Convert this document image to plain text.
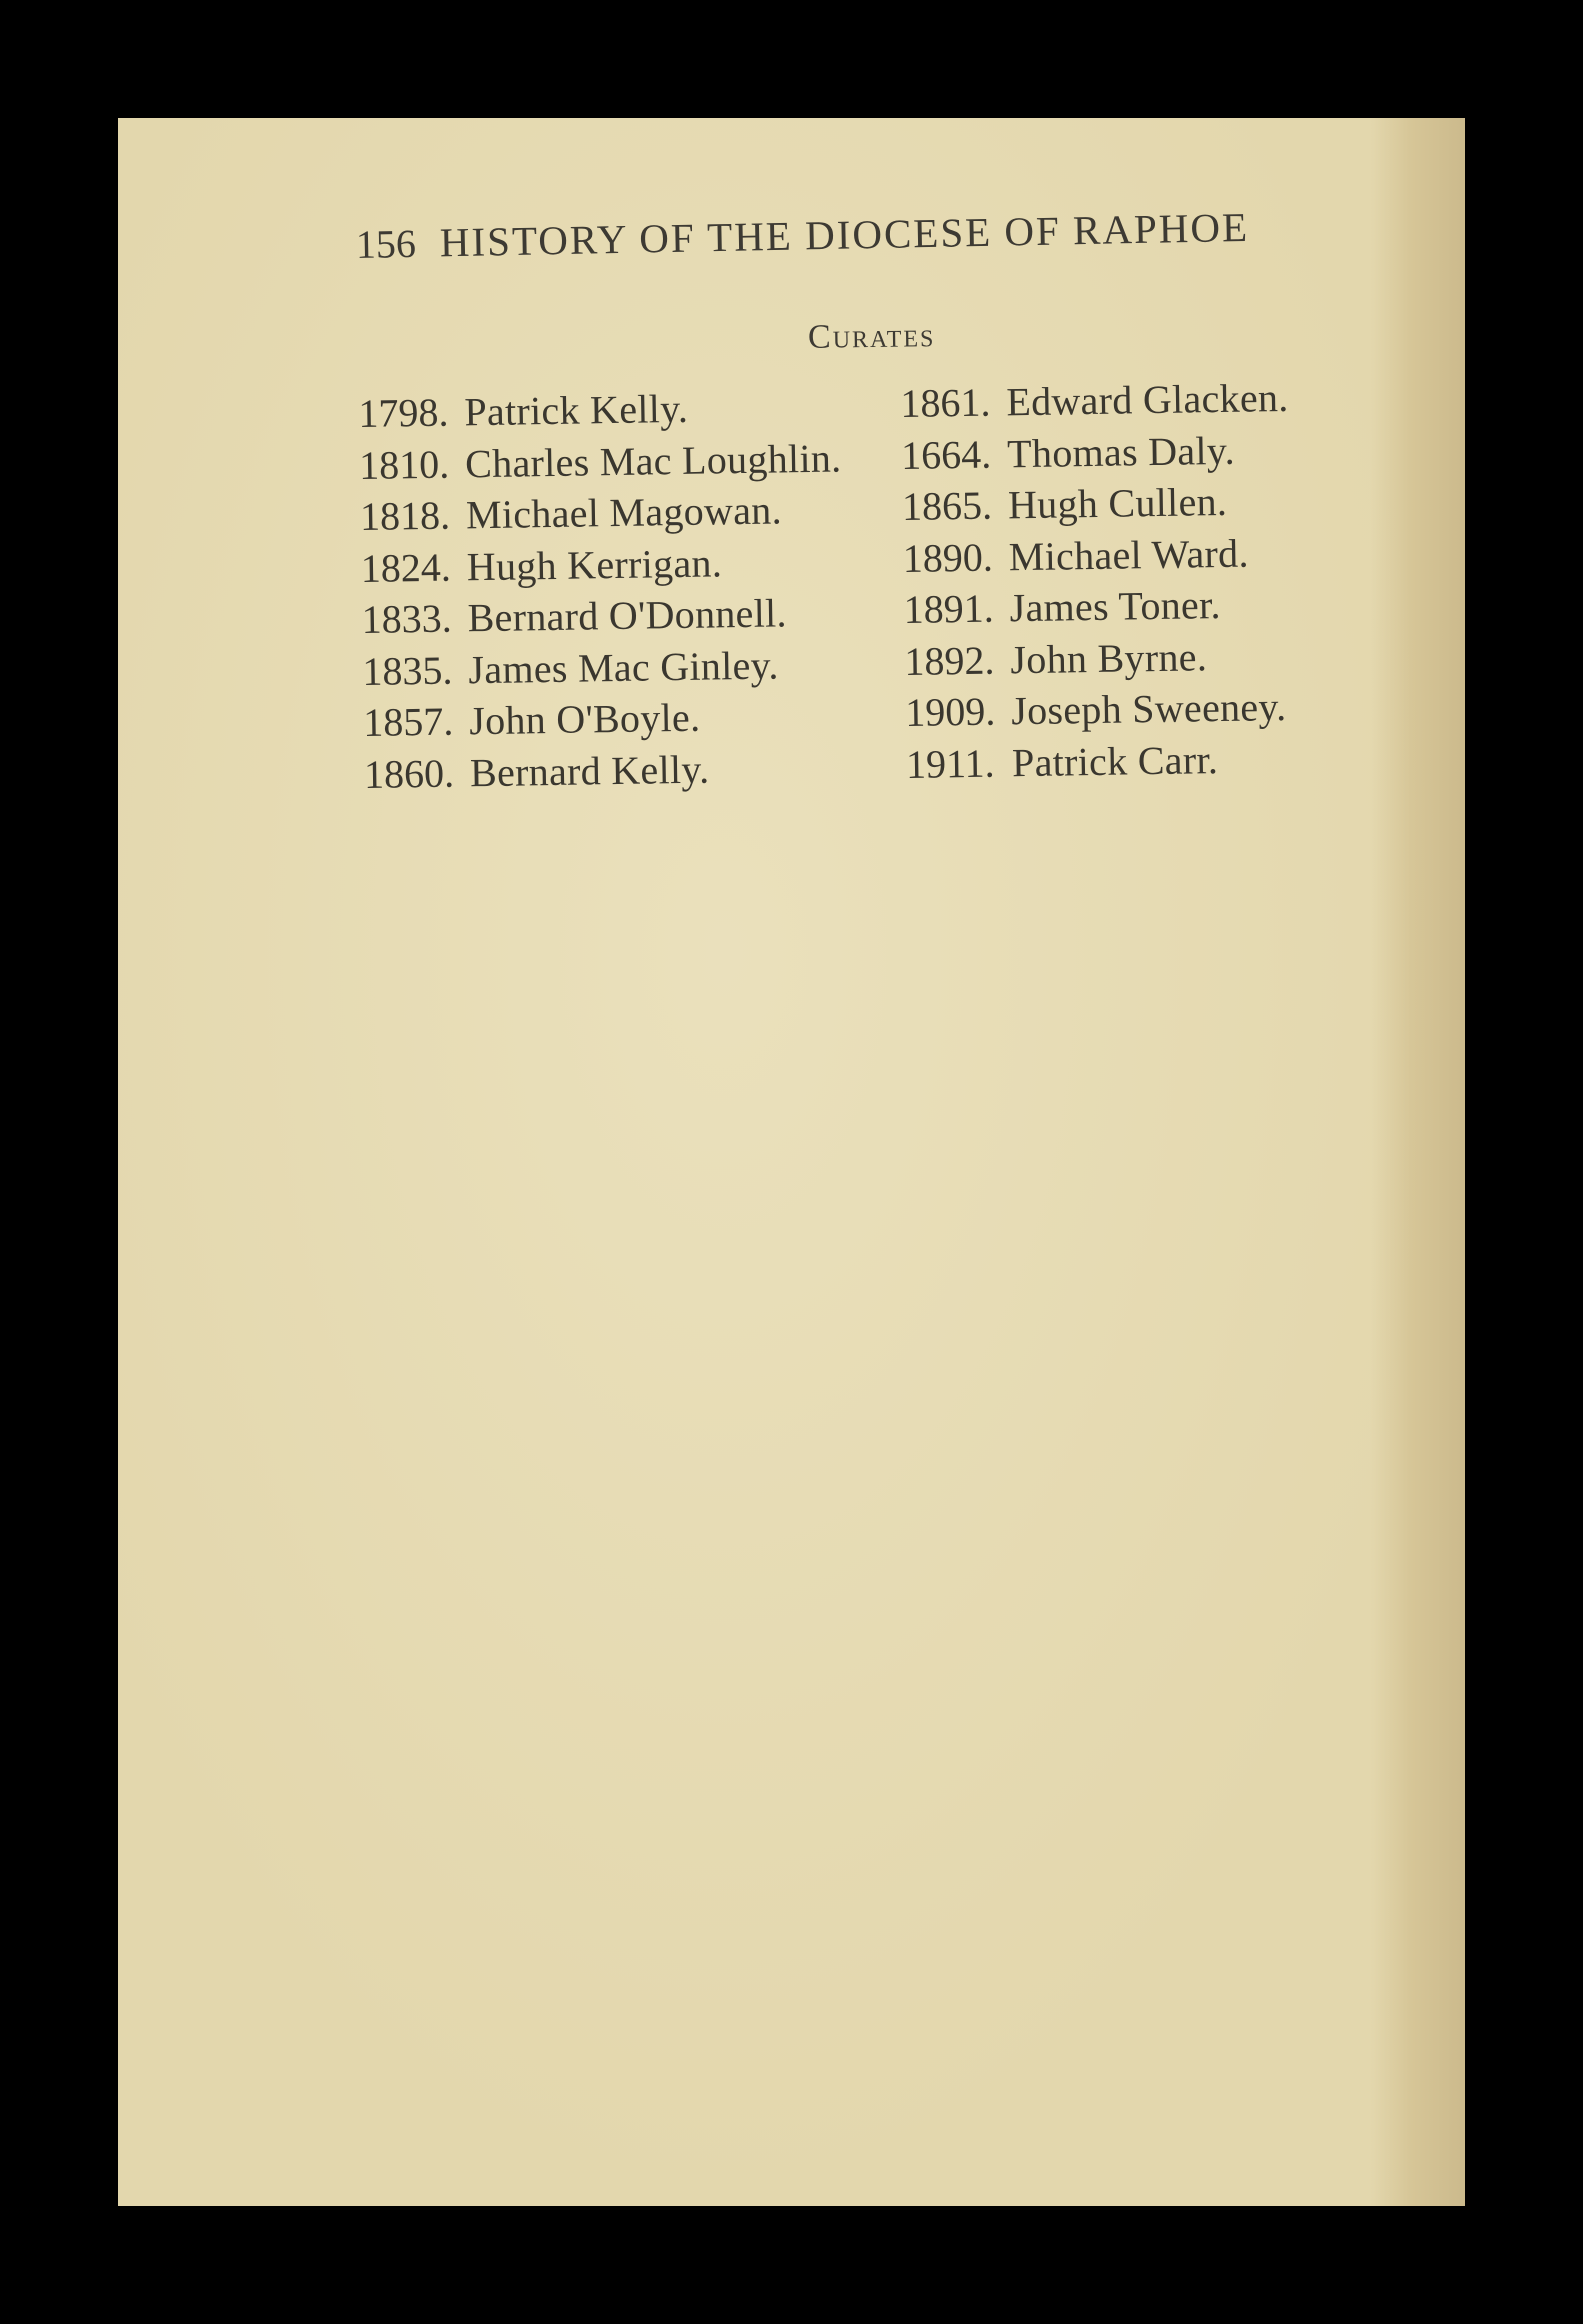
156 HISTORY OF THE DIOCESE OF RAPHOE
Curates
1798. Patrick Kelly.
1810. Charles Mac Loughlin.
1818. Michael Magowan.
1824. Hugh Kerrigan.
1833. Bernard O'Donnell.
1835. James Mac Ginley.
1857. John O'Boyle.
1860. Bernard Kelly.
1861. Edward Glacken.
1664. Thomas Daly.
1865. Hugh Cullen.
1890. Michael Ward.
1891. James Toner.
1892. John Byrne.
1909. Joseph Sweeney.
1911. Patrick Carr.
